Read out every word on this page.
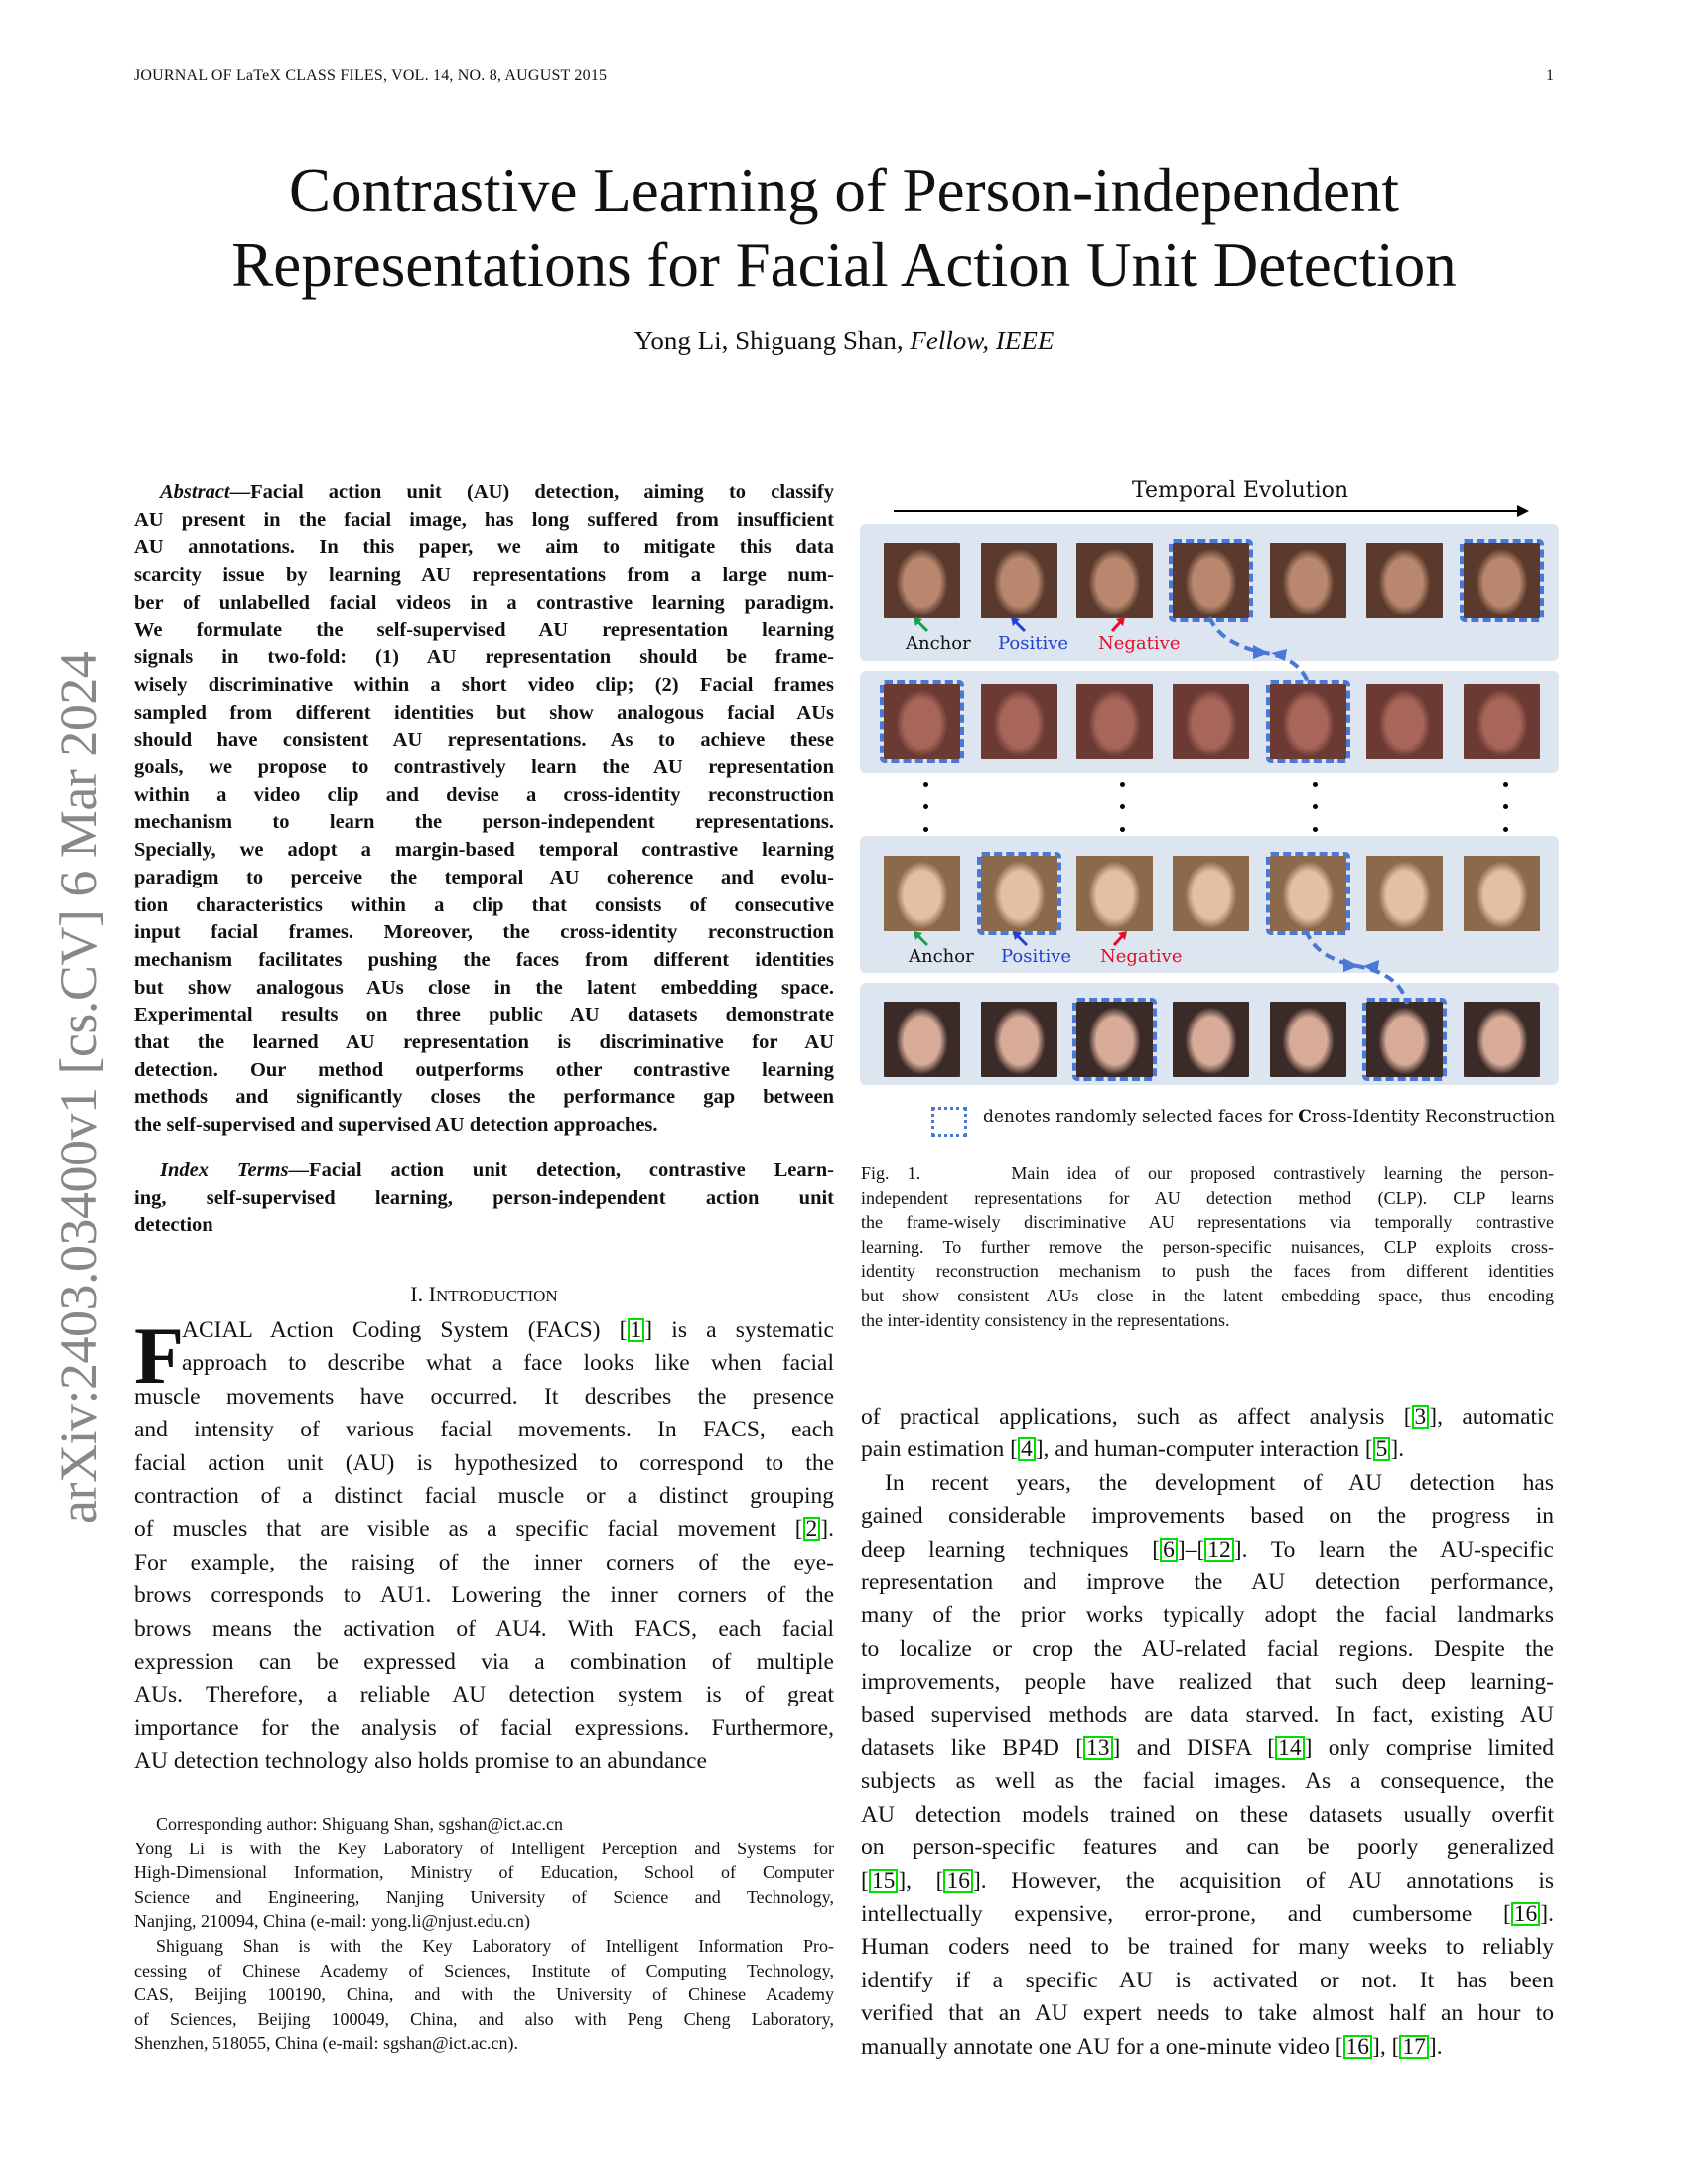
JOURNAL OF LaTeX CLASS FILES, VOL. 14, NO. 8, AUGUST 2015	1
Contrastive Learning of Person-independent
Representations for Facial Action Unit Detection
Yong Li, Shiguang Shan, Fellow, IEEE
arXiv:2403.03400v1 [cs.CV] 6 Mar 2024
Abstract—Facial action unit (AU) detection, aiming to classify
AU present in the facial image, has long suffered from insufficient
AU annotations. In this paper, we aim to mitigate this data
scarcity issue by learning AU representations from a large num-
ber of unlabelled facial videos in a contrastive learning paradigm.
We formulate the self-supervised AU representation learning
signals in two-fold: (1) AU representation should be frame-
wisely discriminative within a short video clip; (2) Facial frames
sampled from different identities but show analogous facial AUs
should have consistent AU representations. As to achieve these
goals, we propose to contrastively learn the AU representation
within a video clip and devise a cross-identity reconstruction
mechanism to learn the person-independent representations.
Specially, we adopt a margin-based temporal contrastive learning
paradigm to perceive the temporal AU coherence and evolu-
tion characteristics within a clip that consists of consecutive
input facial frames. Moreover, the cross-identity reconstruction
mechanism facilitates pushing the faces from different identities
but show analogous AUs close in the latent embedding space.
Experimental results on three public AU datasets demonstrate
that the learned AU representation is discriminative for AU
detection. Our method outperforms other contrastive learning
methods and significantly closes the performance gap between
the self-supervised and supervised AU detection approaches.
Index Terms—Facial action unit detection, contrastive Learn-
ing, self-supervised learning, person-independent action unit
detection
I. INTRODUCTION
F
ACIAL Action Coding System (FACS) [ 1 ] is a systematic
approach to describe what a face looks like when facial
muscle movements have occurred. It describes the presence
and intensity of various facial movements. In FACS, each
facial action unit (AU) is hypothesized to correspond to the
contraction of a distinct facial muscle or a distinct grouping
of muscles that are visible as a specific facial movement [ 2 ].
For example, the raising of the inner corners of the eye-
brows corresponds to AU1. Lowering the inner corners of the
brows means the activation of AU4. With FACS, each facial
expression can be expressed via a combination of multiple
AUs. Therefore, a reliable AU detection system is of great
importance for the analysis of facial expressions. Furthermore,
AU detection technology also holds promise to an abundance
Corresponding author: Shiguang Shan, sgshan@ict.ac.cn
Yong Li is with the Key Laboratory of Intelligent Perception and Systems for
High-Dimensional Information, Ministry of Education, School of Computer
Science and Engineering, Nanjing University of Science and Technology,
Nanjing, 210094, China (e-mail: yong.li@njust.edu.cn)
Shiguang Shan is with the Key Laboratory of Intelligent Information Pro-
cessing of Chinese Academy of Sciences, Institute of Computing Technology,
CAS, Beijing 100190, China, and with the University of Chinese Academy
of Sciences, Beijing 100049, China, and also with Peng Cheng Laboratory,
Shenzhen, 518055, China (e-mail: sgshan@ict.ac.cn).
Temporal Evolution
Anchor Positive Negative
Anchor Positive Negative
denotes randomly selected faces for Cross-Identity Reconstruction
Fig. 1.     Main idea of our proposed contrastively learning the person-
independent representations for AU detection method (CLP). CLP learns
the frame-wisely discriminative AU representations via temporally contrastive
learning. To further remove the person-specific nuisances, CLP exploits cross-
identity reconstruction mechanism to push the faces from different identities
but show consistent AUs close in the latent embedding space, thus encoding
the inter-identity consistency in the representations.
of practical applications, such as affect analysis [ 3 ], automatic
pain estimation [ 4 ], and human-computer interaction [ 5 ].
In recent years, the development of AU detection has
gained considerable improvements based on the progress in
deep learning techniques [ 6 ]–[ 12 ]. To learn the AU-specific
representation and improve the AU detection performance,
many of the prior works typically adopt the facial landmarks
to localize or crop the AU-related facial regions. Despite the
improvements, people have realized that such deep learning-
based supervised methods are data starved. In fact, existing AU
datasets like BP4D [ 13 ] and DISFA [ 14 ] only comprise limited
subjects as well as the facial images. As a consequence, the
AU detection models trained on these datasets usually overfit
on person-specific features and can be poorly generalized
[ 15 ], [ 16 ]. However, the acquisition of AU annotations is
intellectually expensive, error-prone, and cumbersome [ 16 ].
Human coders need to be trained for many weeks to reliably
identify if a specific AU is activated or not. It has been
verified that an AU expert needs to take almost half an hour to
manually annotate one AU for a one-minute video [ 16 ], [ 17 ].
